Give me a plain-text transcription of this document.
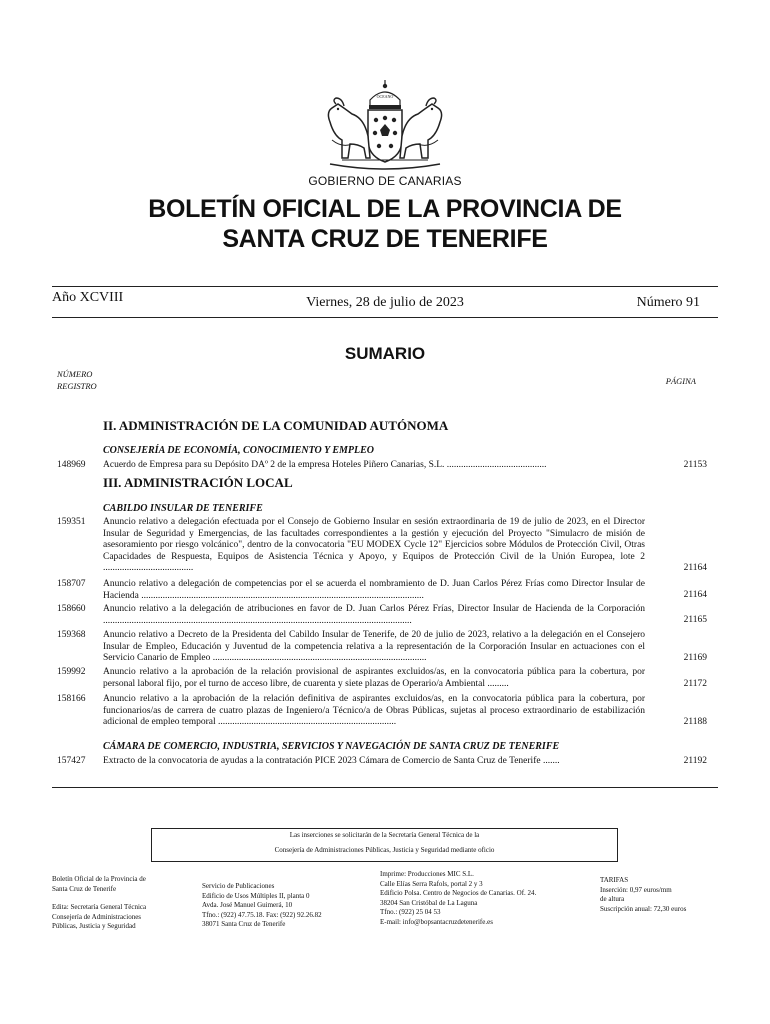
OCEANO
GOBIERNO DE CANARIAS
BOLETÍN OFICIAL DE LA PROVINCIA DE
SANTA CRUZ DE TENERIFE
Año XCVIII	Viernes, 28 de julio de 2023	Número 91
SUMARIO
NÚMERO
REGISTRO	PÁGINA
II. ADMINISTRACIÓN DE LA COMUNIDAD AUTÓNOMA
CONSEJERÍA DE ECONOMÍA, CONOCIMIENTO Y EMPLEO
148969	Acuerdo de Empresa para su Depósito DAº 2 de la empresa Hoteles Piñero Canarias, S.L. ..........................................	21153
III. ADMINISTRACIÓN LOCAL
CABILDO INSULAR DE TENERIFE
159351	Anuncio relativo a delegación efectuada por el Consejo de Gobierno Insular en sesión extraordinaria de 19 de julio de 2023, en el Director Insular de Seguridad y Emergencias, de las facultades correspondientes a la gestión y ejecución del Proyecto "Simulacro de misión de asesoramiento por riesgo volcánico", dentro de la convocatoria "EU MODEX Cycle 12" Ejercicios sobre Módulos de Protección Civil, Otras Capacidades de Respuesta, Equipos de Asistencia Técnica y Apoyo, y Equipos de Protección Civil de la Unión Europea, lote 2 ......................................	21164
158707	Anuncio relativo a delegación de competencias por el se acuerda el nombramiento de D. Juan Carlos Pérez Frías como Director Insular de Hacienda .......................................................................................................................	21164
158660	Anuncio relativo a la delegación de atribuciones en favor de D. Juan Carlos Pérez Frías, Director Insular de Hacienda de la Corporación ..................................................................................................................................	21165
159368	Anuncio relativo a Decreto de la Presidenta del Cabildo Insular de Tenerife, de 20 de julio de 2023, relativo a la delegación en el Consejero Insular de Empleo, Educación y Juventud de la competencia relativa a la representación de la Corporación Insular en actuaciones con el Servicio Canario de Empleo ..........................................................................................	21169
159992	Anuncio relativo a la aprobación de la relación provisional de aspirantes excluidos/as, en la convocatoria pública para la cobertura, por personal laboral fijo, por el turno de acceso libre, de cuarenta y siete plazas de Operario/a Ambiental .........	21172
158166	Anuncio relativo a la aprobación de la relación definitiva de aspirantes excluidos/as, en la convocatoria pública para la cobertura, por funcionarios/as de carrera de cuatro plazas de Ingeniero/a Técnico/a de Obras Públicas, sujetas al proceso extraordinario de estabilización adicional de empleo temporal ...........................................................................	21188
CÁMARA DE COMERCIO, INDUSTRIA, SERVICIOS Y NAVEGACIÓN DE SANTA CRUZ DE TENERIFE
157427	Extracto de la convocatoria de ayudas a la contratación PICE 2023 Cámara de Comercio de Santa Cruz de Tenerife .......	21192
Las inserciones se solicitarán de la Secretaría General Técnica de la
Consejería de Administraciones Públicas, Justicia y Seguridad mediante oficio
Boletín Oficial de la Provincia de
Santa Cruz de Tenerife
Edita: Secretaría General Técnica
Consejería de Administraciones
Públicas, Justicia y Seguridad
Servicio de Publicaciones
Edificio de Usos Múltiples II, planta 0
Avda. José Manuel Guimerá, 10
Tfno.: (922) 47.75.18. Fax: (922) 92.26.82
38071 Santa Cruz de Tenerife
Imprime: Producciones MIC S.L.
Calle Elías Serra Rafols, portal 2 y 3
Edificio Polsa. Centro de Negocios de Canarias. Of. 24.
38204 San Cristóbal de La Laguna
Tfno.: (922) 25 04 53
E-mail: info@bopsantacruzdetenerife.es
TARIFAS
Inserción: 0,97 euros/mm
de altura
Suscripción anual: 72,30 euros
